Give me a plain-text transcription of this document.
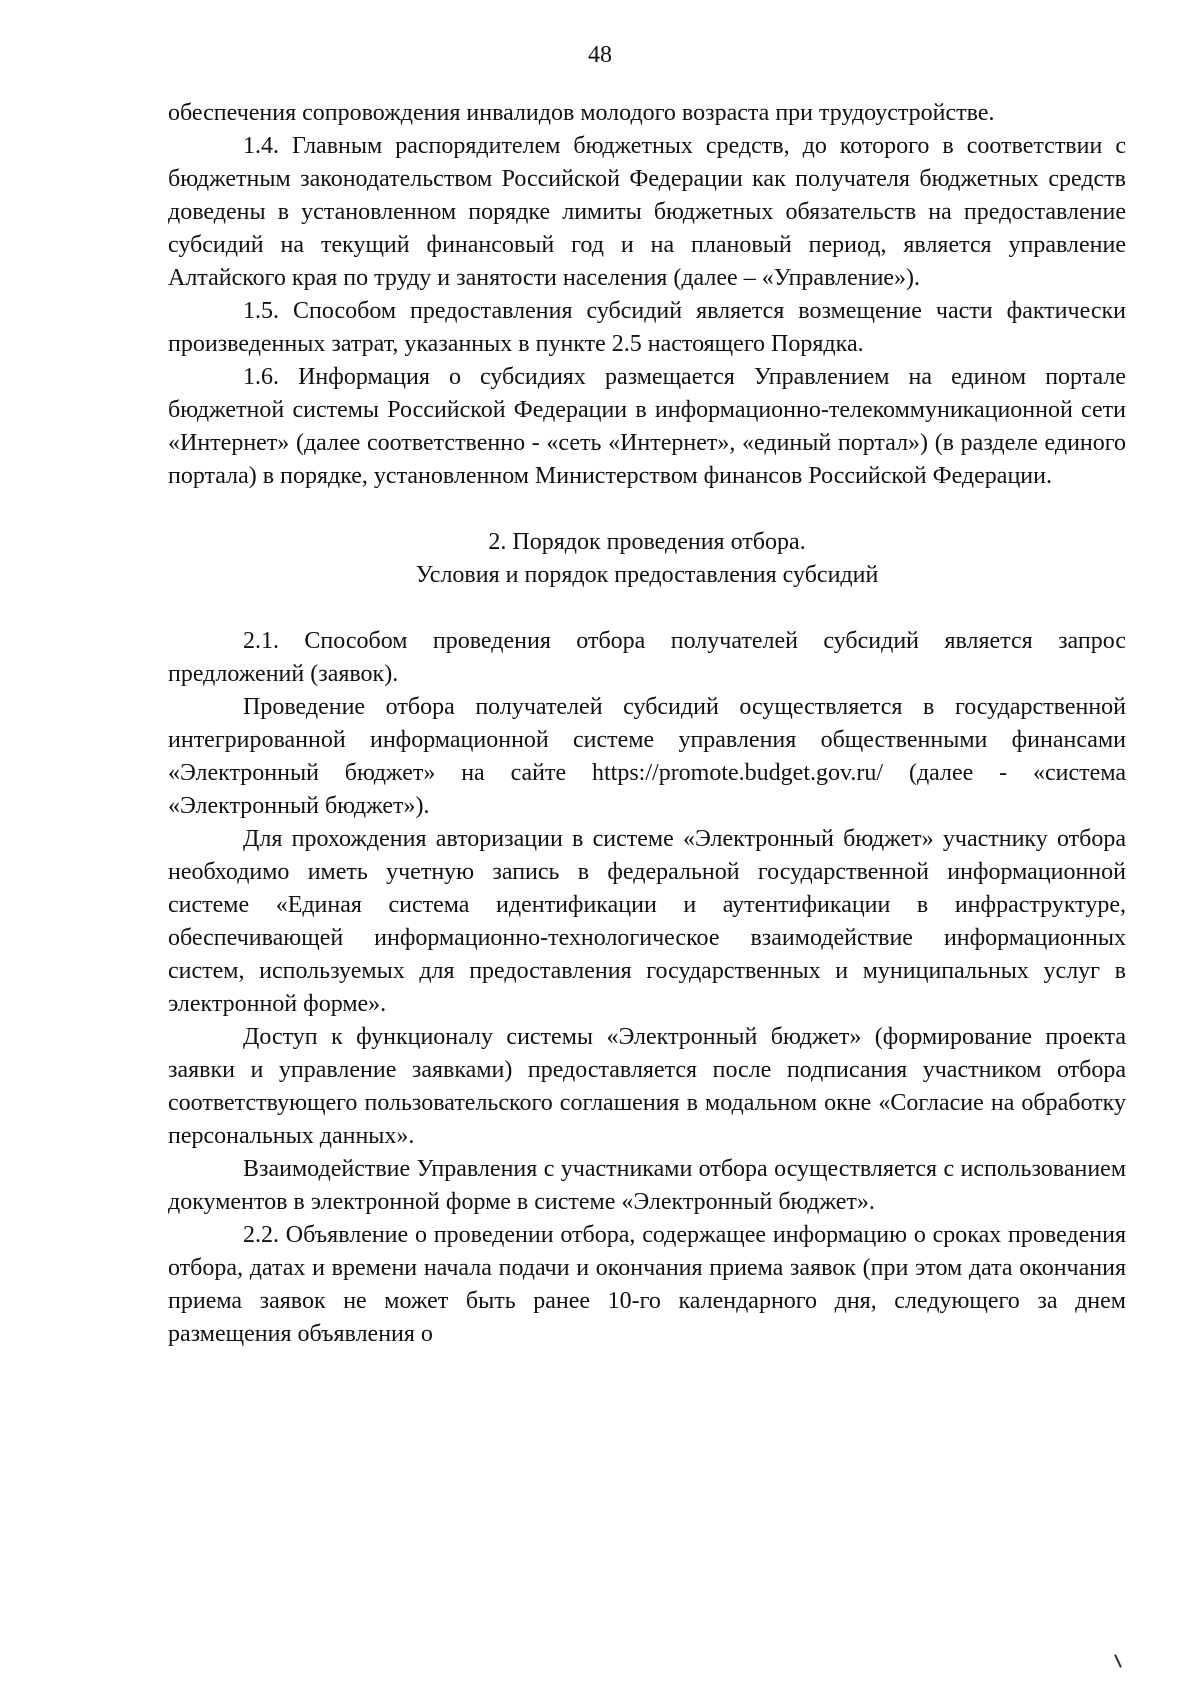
48

обеспечения сопровождения инвалидов молодого возраста при трудоустройстве.

1.4. Главным распорядителем бюджетных средств, до которого в соответствии с бюджетным законодательством Российской Федерации как получателя бюджетных средств доведены в установленном порядке лимиты бюджетных обязательств на предоставление субсидий на текущий финансовый год и на плановый период, является управление Алтайского края по труду и занятости населения (далее – «Управление»).

1.5. Способом предоставления субсидий является возмещение части фактически произведенных затрат, указанных в пункте 2.5 настоящего Порядка.

1.6. Информация о субсидиях размещается Управлением на едином портале бюджетной системы Российской Федерации в информационно-телекоммуникационной сети «Интернет» (далее соответственно - «сеть «Интернет», «единый портал») (в разделе единого портала) в порядке, установленном Министерством финансов Российской Федерации.

2. Порядок проведения отбора.
Условия и порядок предоставления субсидий

2.1. Способом проведения отбора получателей субсидий является запрос предложений (заявок).

Проведение отбора получателей субсидий осуществляется в государственной интегрированной информационной системе управления общественными финансами «Электронный бюджет» на сайте https://promote.budget.gov.ru/ (далее - «система «Электронный бюджет»).

Для прохождения авторизации в системе «Электронный бюджет» участнику отбора необходимо иметь учетную запись в федеральной государственной информационной системе «Единая система идентификации и аутентификации в инфраструктуре, обеспечивающей информационно-технологическое взаимодействие информационных систем, используемых для предоставления государственных и муниципальных услуг в электронной форме».

Доступ к функционалу системы «Электронный бюджет» (формирование проекта заявки и управление заявками) предоставляется после подписания участником отбора соответствующего пользовательского соглашения в модальном окне «Согласие на обработку персональных данных».

Взаимодействие Управления с участниками отбора осуществляется с использованием документов в электронной форме в системе «Электронный бюджет».

2.2. Объявление о проведении отбора, содержащее информацию о сроках проведения отбора, датах и времени начала подачи и окончания приема заявок (при этом дата окончания приема заявок не может быть ранее 10-го календарного дня, следующего за днем размещения объявления о
